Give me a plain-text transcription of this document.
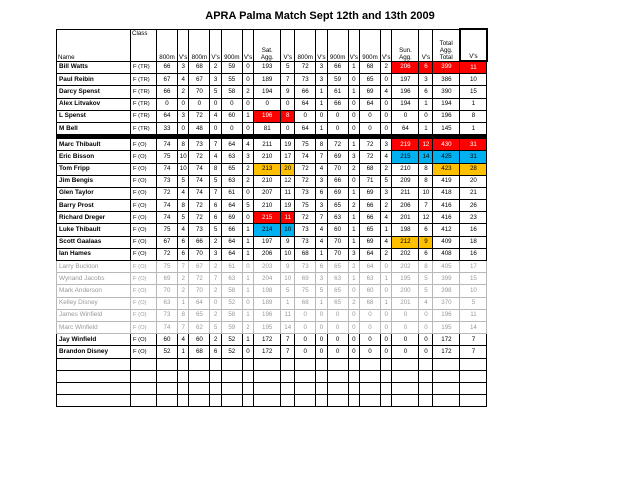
APRA Palma Match Sept 12th and 13th 2009
Name	Class	800m	V's	800m	V's	900m	V's	Sat. Agg.	V's	800m	V's	900m	V's	900m	V's	Sun. Agg.	V's	Total Agg. Total	V's
Bill Watts	F (TR)	66	3	68	2	59	0	193	5	72	3	66	1	68	2	206	6	399	11
Paul Reibin	F (TR)	67	4	67	3	55	0	189	7	73	3	59	0	65	0	197	3	386	10
Darcy Spenst	F (TR)	66	2	70	5	58	2	194	9	66	1	61	1	69	4	196	6	390	15
Alex Litvakov	F (TR)	0	0	0	0	0	0	0	0	64	1	66	0	64	0	194	1	194	1
L Spenst	F (TR)	64	3	72	4	60	1	196	8	0	0	0	0	0	0	0	0	196	8
M Bell	F (TR)	33	0	48	0	0	0	81	0	64	1	0	0	0	0	64	1	145	1

Marc Thibault	F (O)	74	8	73	7	64	4	211	19	75	8	72	1	72	3	219	12	430	31
Eric Bisson	F (O)	75	10	72	4	63	3	210	17	74	7	69	3	72	4	215	14	425	31
Tom Fripp	F (O)	74	10	74	8	65	2	213	20	72	4	70	2	68	2	210	8	423	28
Jim Bengis	F (O)	73	5	74	5	63	2	210	12	72	3	66	0	71	5	209	8	419	20
Glen Taylor	F (O)	72	4	74	7	61	0	207	11	73	6	69	1	69	3	211	10	418	21
Barry Prost	F (O)	74	8	72	6	64	5	210	19	75	3	65	2	66	2	206	7	416	26
Richard Dreger	F (O)	74	5	72	6	69	0	215	11	72	7	63	1	66	4	201	12	416	23
Luke Thibault	F (O)	75	4	73	5	66	1	214	10	73	4	60	1	65	1	198	6	412	16
Scott Gaalaas	F (O)	67	6	66	2	64	1	197	9	73	4	70	1	69	4	212	9	409	18
Ian Hames	F (O)	72	6	70	3	64	1	206	10	68	1	70	3	64	2	202	6	408	16
Larry Buckton	F (O)	75	7	67	2	61	0	203	9	73	6	65	2	64	0	202	8	405	17
Wynand Jacobs	F (O)	69	2	72	7	63	1	204	10	69	3	63	1	63	1	195	5	399	15
Mark Anderson	F (O)	70	2	70	2	58	1	198	5	75	5	65	0	60	0	200	5	398	10
Kelley Disney	F (O)	63	1	64	0	52	0	189	1	68	1	65	2	68	1	201	4	370	5
James Winfield	F (O)	73	8	65	2	58	1	196	11	0	0	0	0	0	0	0	0	196	11
Marc Winfield	F (O)	74	7	62	5	59	2	195	14	0	0	0	0	0	0	0	0	195	14
Jay Winfield	F (O)	60	4	60	2	52	1	172	7	0	0	0	0	0	0	0	0	172	7
Brandon Disney	F (O)	52	1	68	6	52	0	172	7	0	0	0	0	0	0	0	0	172	7
